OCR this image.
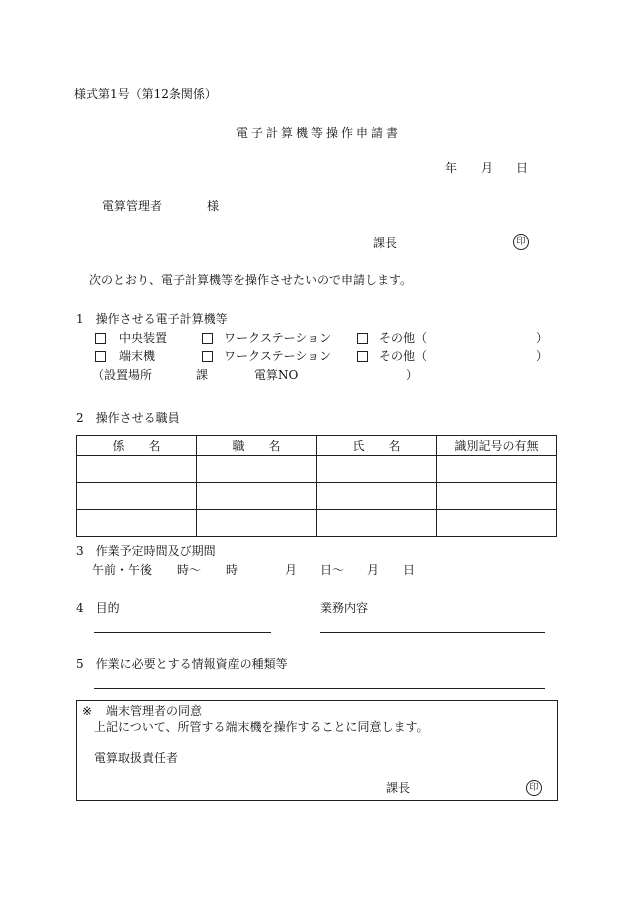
様式第1号（第12条関係）
電子計算機等操作申請書
年 月 日
電算管理者	様
課長	印
次のとおり、電子計算機等を操作させたいので申請します。
1　操作させる電子計算機等
中央装置	ワークステーション	その他（	）
端末機	ワークステーション	その他（	）
（設置場所	課	電算NO	）
2　操作させる職員
係　　名	職　　名	氏　　名	識別記号の有無

3　作業予定時間及び期間
午前・午後 時～ 時	月 日～ 月 日
4　目的	業務内容
5　作業に必要とする情報資産の種類等
※ 端末管理者の同意
上記について、所管する端末機を操作することに同意します。
電算取扱責任者
課長	印
